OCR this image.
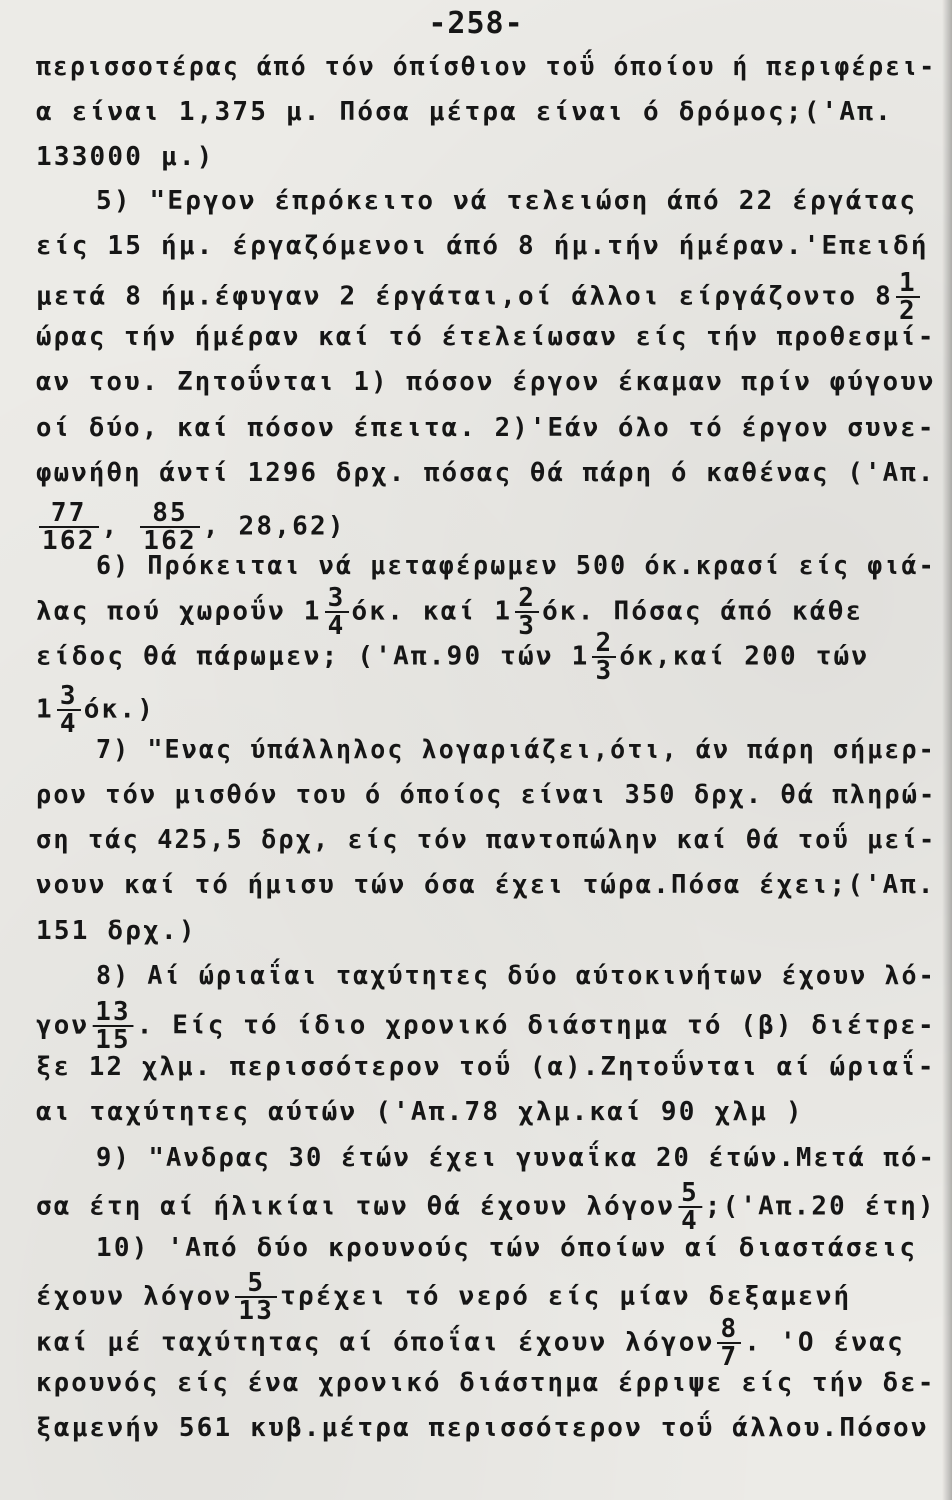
-258-
περισσοτέρας άπό τόν όπίσθιον τοΰ όποίου ή περιφέρει-
α είναι 1,375 μ. Πόσα μέτρα είναι ό δρόμος;('Απ.
133000 μ.)
5) "Εργον έπρόκειτο νά τελειώση άπό 22 έργάτας
είς 15 ήμ. έργαζόμενοι άπό 8 ήμ.τήν ήμέραν.'Επειδή
μετά 8 ήμ.έφυγαν 2 έργάται,οί άλλοι είργάζοντο $8 \frac{1}{2}$
ώρας τήν ήμέραν καί τό έτελείωσαν είς τήν προθεσμί-
αν του. Ζητοΰνται 1) πόσον έργον έκαμαν πρίν φύγουν
οί δύο, καί πόσον έπειτα. 2)'Εάν όλο τό έργον συνε-
φωνήθη άντί 1296 δρχ. πόσας θά πάρη ό καθένας ('Απ.
$\frac{77}{162}$ , $\frac{85}{162}$ , 28,62)
6) Πρόκειται νά μεταφέρωμεν 500 όκ.κρασί είς φιά-
λας πού χωροΰν $1 \frac{3}{4} ό\kappa$. καί $1 \frac{2}{3} ό\kappa$. Πόσας άπό κάθε
είδος θά πάρωμεν; ('Απ.90 τών $1 \frac{2}{3} ό\kappa,\kappa\alpha ί$ 200 τών
$1 \frac{3}{4} ό\kappa$.)
7) "Ενας ύπάλληλος λογαριάζει,ότι, άν πάρη σήμερ-
ρον τόν μισθόν του ό όποίος είναι 350 δρχ. θά πληρώ-
ση τάς 425,5 δρχ, είς τόν παντοπώλην καί θά τοΰ μεί-
νουν καί τό ήμισυ τών όσα έχει τώρα.Πόσα έχει;('Απ.
151 δρχ.)
8) Αί ώριαΐαι ταχύτητες δύο αύτοκινήτων έχουν λό-
γον $\frac{13}{15}$ . Είς τό ίδιο χρονικό διάστημα τό (β) διέτρε-
ξε 12 χλμ. περισσότερον τοΰ (α).Ζητοΰνται αί ώριαΐ-
αι ταχύτητες αύτών ('Απ.78 χλμ.καί 90 χλμ )
9) "Ανδρας 30 έτών έχει γυναΐκα 20 έτών.Μετά πό-
σα έτη αί ήλικίαι των θά έχουν λόγον $\frac{5}{4}$ ;('Απ.20 έτη)
10) 'Από δύο κρουνούς τών όποίων αί διαστάσεις
έχουν λόγον $\frac{5}{13}$ τρέχει τό νερό είς μίαν δεξαμενή
καί μέ ταχύτητας αί όποΐαι έχουν λόγον $\frac{8}{7}$ . 'Ο ένας
κρουνός είς ένα χρονικό διάστημα έρριψε είς τήν δε-
ξαμενήν 561 κυβ.μέτρα περισσότερον τοΰ άλλου.Πόσον
